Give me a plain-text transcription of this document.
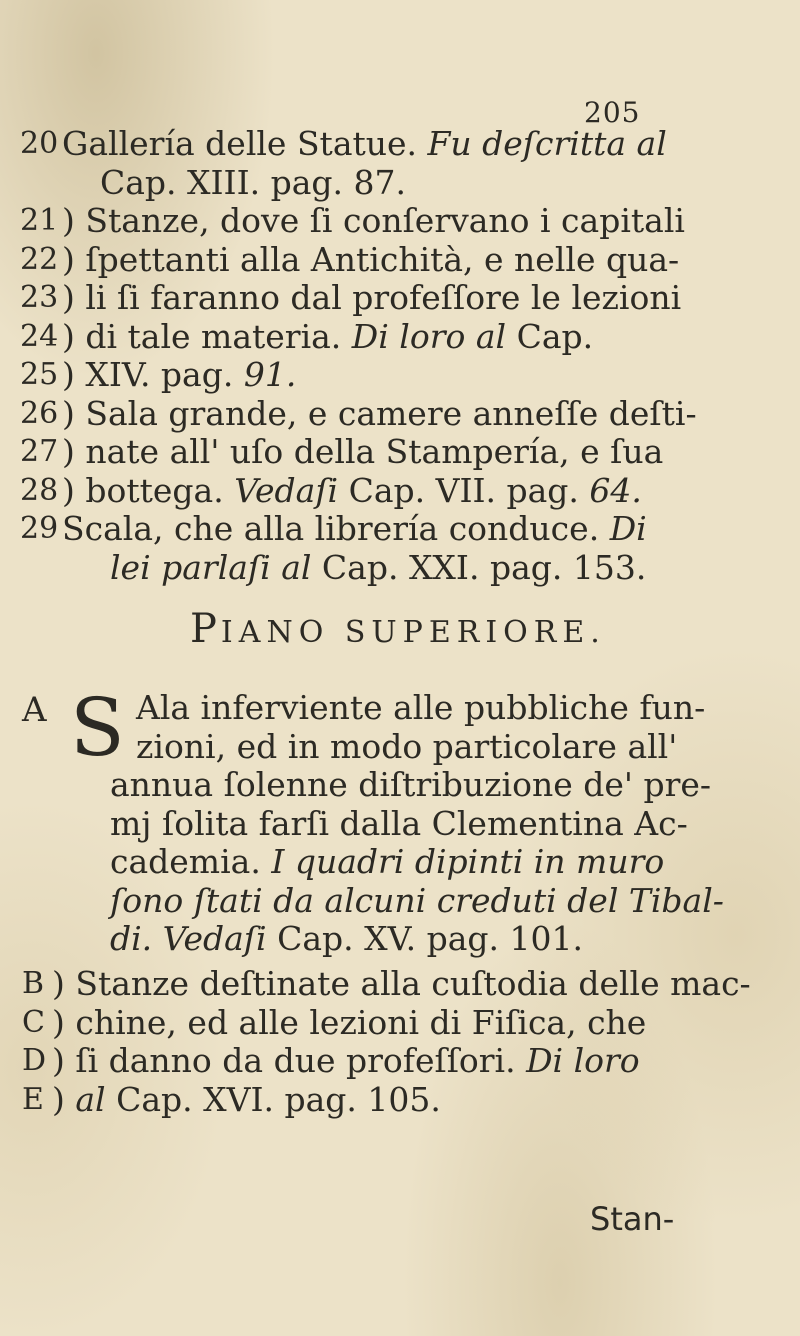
205
20 Gallería delle Statue. Fu deſcritta al
Cap. XIII. pag. 87.
21 ) Stanze, dove ſi conſervano i capitali
22 ) ſpettanti alla Antichità, e nelle qua-
23 ) li ſi faranno dal profeſſore le lezioni
24 ) di tale materia. Di loro al Cap.
25 ) XIV. pag. 91.
26 ) Sala grande, e camere anneſſe deſti-
27 ) nate all' uſo della Stampería, e ſua
28 ) bottega. Vedaſi Cap. VII. pag. 64.
29 Scala, che alla librería conduce. Di
lei parlaſi al Cap. XXI. pag. 153.
PIANO SUPERIORE.
A S Ala inferviente alle pubbliche fun-
zioni, ed in modo particolare all'
annua ſolenne diſtribuzione de' pre-
mj ſolita farſi dalla Clementina Ac-
cademia. I quadri dipinti in muro
ſono ſtati da alcuni creduti del Tibal-
di. Vedaſi Cap. XV. pag. 101.
B ) Stanze deſtinate alla cuſtodia delle mac-
C ) chine, ed alle lezioni di Fiſica, che
D ) ſi danno da due profeſſori. Di loro
E ) al Cap. XVI. pag. 105.
Stan-
